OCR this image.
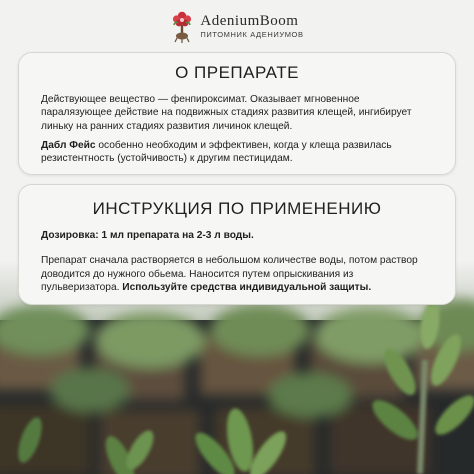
AdeniumBoom
ПИТОМНИК АДЕНИУМОВ
О ПРЕПАРАТЕ

Действующее вещество — фенпироксимат. Оказывает мгновенное паралязующее действие на подвижных стадиях развития клещей, ингибирует линьку на ранних стадиях развития личинок клещей.

Дабл Фейс особенно необходим и эффективен, когда у клеща развилась резистентность (устойчивость) к другим пестицидам.

ИНСТРУКЦИЯ ПО ПРИМЕНЕНИЮ

Дозировка: 1 мл препарата на 2-3 л воды.

Препарат сначала растворяется в небольшом количестве воды, потом раствор доводится до нужного обьема. Наносится путем опрыскивания из пульверизатора. Используйте средства индивидуальной защиты.
